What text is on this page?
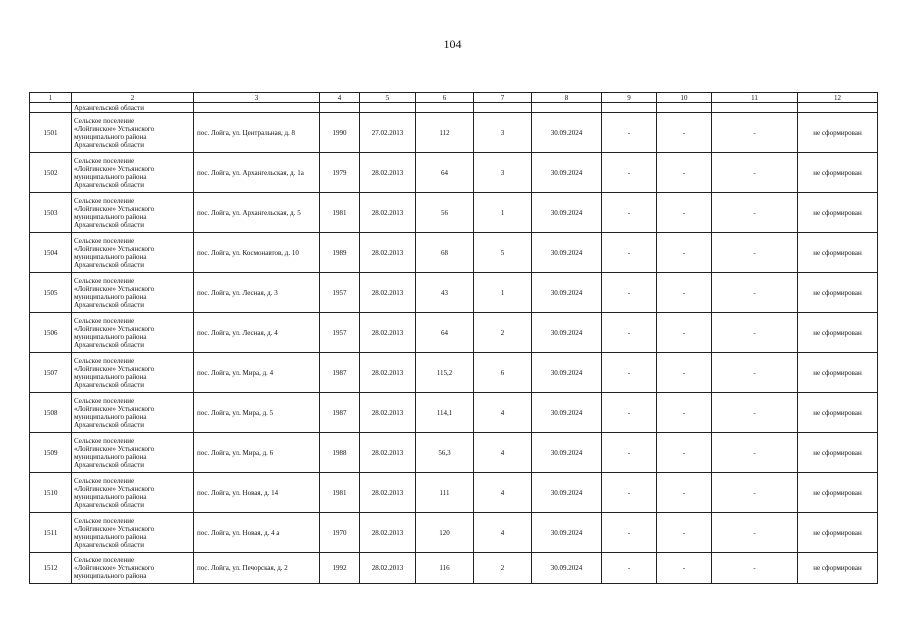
104
1	2	3	4	5	6	7	8	9	10	11	12

	Архангельской области										

1501	Сельское поселение
«Лойгинское» Устьянского
муниципального района
Архангельской области	пос. Лойга, ул. Центральная, д. 8	1990	27.02.2013	112	3	30.09.2024	-	-	-	не сформирован
1502	Сельское поселение
«Лойгинское» Устьянского
муниципального района
Архангельской области	пос. Лойга, ул. Архангельская, д. 1а	1979	28.02.2013	64	3	30.09.2024	-	-	-	не сформирован
1503	Сельское поселение
«Лойгинское» Устьянского
муниципального района
Архангельской области	пос. Лойга, ул. Архангельская, д. 5	1981	28.02.2013	56	1	30.09.2024	-	-	-	не сформирован
1504	Сельское поселение
«Лойгинское» Устьянского
муниципального района
Архангельской области	пос. Лойга, ул. Космонавтов, д. 10	1989	28.02.2013	68	5	30.09.2024	-	-	-	не сформирован
1505	Сельское поселение
«Лойгинское» Устьянского
муниципального района
Архангельской области	пос. Лойга, ул. Лесная, д. 3	1957	28.02.2013	43	1	30.09.2024	-	-	-	не сформирован
1506	Сельское поселение
«Лойгинское» Устьянского
муниципального района
Архангельской области	пос. Лойга, ул. Лесная, д. 4	1957	28.02.2013	64	2	30.09.2024	-	-	-	не сформирован
1507	Сельское поселение
«Лойгинское» Устьянского
муниципального района
Архангельской области	пос. Лойга, ул. Мира, д. 4	1987	28.02.2013	115,2	6	30.09.2024	-	-	-	не сформирован
1508	Сельское поселение
«Лойгинское» Устьянского
муниципального района
Архангельской области	пос. Лойга, ул. Мира, д. 5	1987	28.02.2013	114,1	4	30.09.2024	-	-	-	не сформирован
1509	Сельское поселение
«Лойгинское» Устьянского
муниципального района
Архангельской области	пос. Лойга, ул. Мира, д. 6	1988	28.02.2013	56,3	4	30.09.2024	-	-	-	не сформирован
1510	Сельское поселение
«Лойгинское» Устьянского
муниципального района
Архангельской области	пос. Лойга, ул. Новая, д. 14	1981	28.02.2013	111	4	30.09.2024	-	-	-	не сформирован
1511	Сельское поселение
«Лойгинское» Устьянского
муниципального района
Архангельской области	пос. Лойга, ул. Новая, д. 4 а	1970	28.02.2013	120	4	30.09.2024	-	-	-	не сформирован
1512	Сельское поселение
«Лойгинское» Устьянского
муниципального района	пос. Лойга, ул. Печорская, д. 2	1992	28.02.2013	116	2	30.09.2024	-	-	-	не сформирован
